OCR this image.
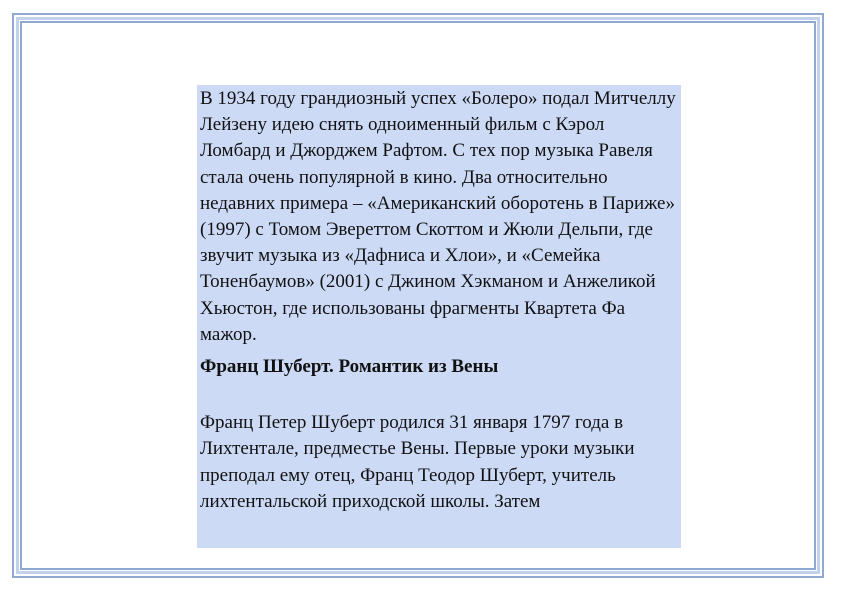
В 1934 году грандиозный успех «Болеро» подал Митчеллу Лейзену идею снять одноименный фильм с Кэрол Ломбард и Джорджем Рафтом. С тех пор музыка Равеля стала очень популярной в кино. Два относительно недавних примера – «Американский оборотень в Париже» (1997) с Томом Эвереттом Скоттом и Жюли Дельпи, где звучит музыка из «Дафниса и Хлои», и «Семейка Тоненбаумов» (2001) с Джином Хэкманом и Анжеликой Хьюстон, где использованы фрагменты Квартета Фа мажор.

Франц Шуберт. Романтик из Вены

Франц Петер Шуберт родился 31 января 1797 года в Лихтентале, предместье Вены. Первые уроки музыки преподал ему отец, Франц Теодор Шуберт, учитель лихтентальской приходской школы. Затем
